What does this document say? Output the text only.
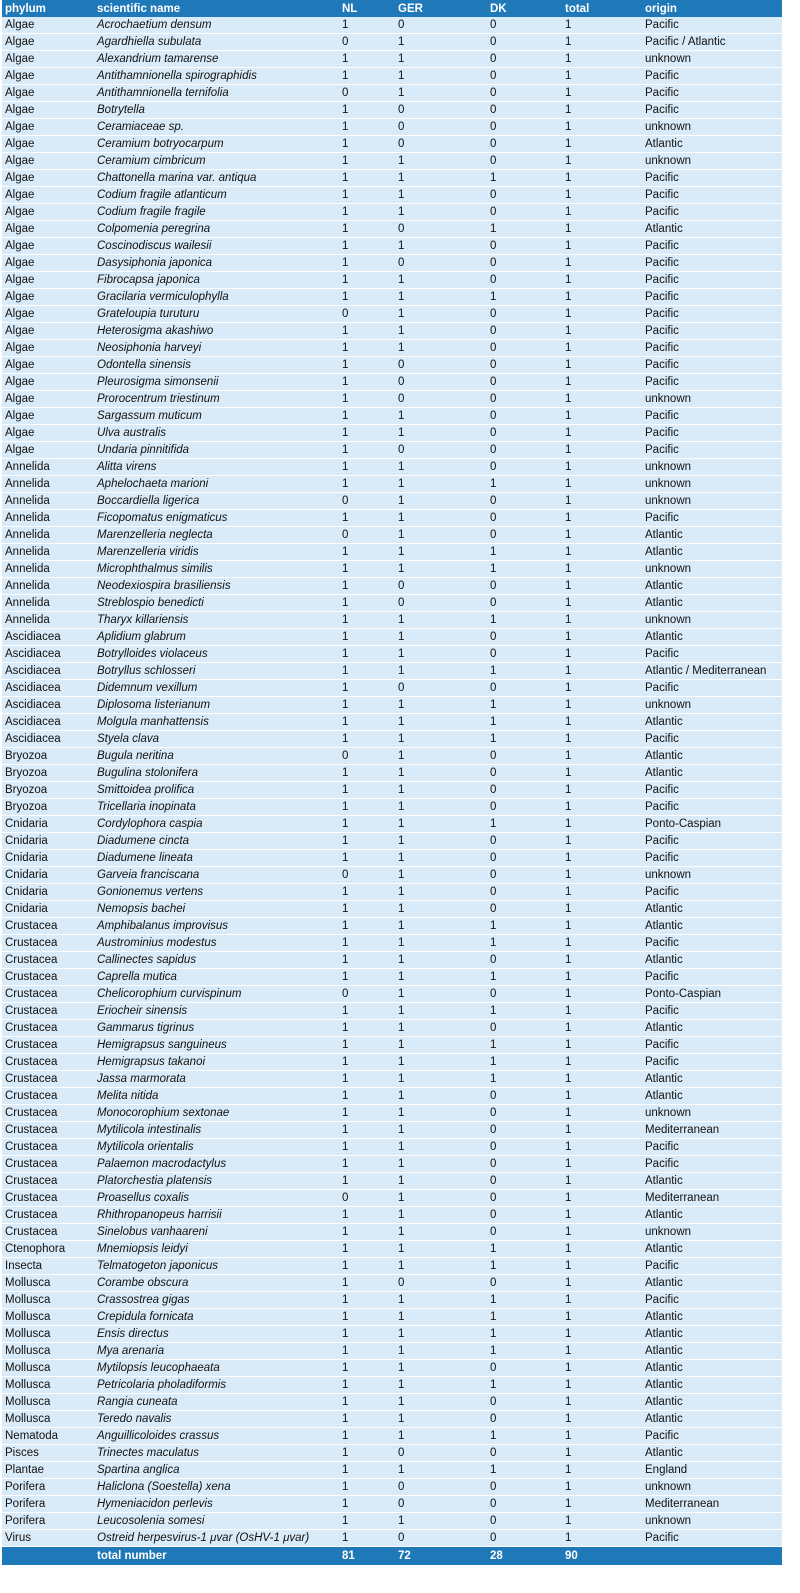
phylum	scientific name	NL	GER	DK	total	origin
Algae	Acrochaetium densum	1	0	0	1	Pacific
Algae	Agardhiella subulata	0	1	0	1	Pacific / Atlantic
Algae	Alexandrium tamarense	1	1	0	1	unknown
Algae	Antithamnionella spirographidis	1	1	0	1	Pacific
Algae	Antithamnionella ternifolia	0	1	0	1	Pacific
Algae	Botrytella	1	0	0	1	Pacific
Algae	Ceramiaceae sp.	1	0	0	1	unknown
Algae	Ceramium botryocarpum	1	0	0	1	Atlantic
Algae	Ceramium cimbricum	1	1	0	1	unknown
Algae	Chattonella marina var. antiqua	1	1	1	1	Pacific
Algae	Codium fragile atlanticum	1	1	0	1	Pacific
Algae	Codium fragile fragile	1	1	0	1	Pacific
Algae	Colpomenia peregrina	1	0	1	1	Atlantic
Algae	Coscinodiscus wailesii	1	1	0	1	Pacific
Algae	Dasysiphonia japonica	1	0	0	1	Pacific
Algae	Fibrocapsa japonica	1	1	0	1	Pacific
Algae	Gracilaria vermiculophylla	1	1	1	1	Pacific
Algae	Grateloupia turuturu	0	1	0	1	Pacific
Algae	Heterosigma akashiwo	1	1	0	1	Pacific
Algae	Neosiphonia harveyi	1	1	0	1	Pacific
Algae	Odontella sinensis	1	0	0	1	Pacific
Algae	Pleurosigma simonsenii	1	0	0	1	Pacific
Algae	Prorocentrum triestinum	1	0	0	1	unknown
Algae	Sargassum muticum	1	1	0	1	Pacific
Algae	Ulva australis	1	1	0	1	Pacific
Algae	Undaria pinnitifida	1	0	0	1	Pacific
Annelida	Alitta virens	1	1	0	1	unknown
Annelida	Aphelochaeta marioni	1	1	1	1	unknown
Annelida	Boccardiella ligerica	0	1	0	1	unknown
Annelida	Ficopomatus enigmaticus	1	1	0	1	Pacific
Annelida	Marenzelleria neglecta	0	1	0	1	Atlantic
Annelida	Marenzelleria viridis	1	1	1	1	Atlantic
Annelida	Microphthalmus similis	1	1	1	1	unknown
Annelida	Neodexiospira brasiliensis	1	0	0	1	Atlantic
Annelida	Streblospio benedicti	1	0	0	1	Atlantic
Annelida	Tharyx killariensis	1	1	1	1	unknown
Ascidiacea	Aplidium glabrum	1	1	0	1	Atlantic
Ascidiacea	Botrylloides violaceus	1	1	0	1	Pacific
Ascidiacea	Botryllus schlosseri	1	1	1	1	Atlantic / Mediterranean
Ascidiacea	Didemnum vexillum	1	0	0	1	Pacific
Ascidiacea	Diplosoma listerianum	1	1	1	1	unknown
Ascidiacea	Molgula manhattensis	1	1	1	1	Atlantic
Ascidiacea	Styela clava	1	1	1	1	Pacific
Bryozoa	Bugula neritina	0	1	0	1	Atlantic
Bryozoa	Bugulina stolonifera	1	1	0	1	Atlantic
Bryozoa	Smittoidea prolifica	1	1	0	1	Pacific
Bryozoa	Tricellaria inopinata	1	1	0	1	Pacific
Cnidaria	Cordylophora caspia	1	1	1	1	Ponto-Caspian
Cnidaria	Diadumene cincta	1	1	0	1	Pacific
Cnidaria	Diadumene lineata	1	1	0	1	Pacific
Cnidaria	Garveia franciscana	0	1	0	1	unknown
Cnidaria	Gonionemus vertens	1	1	0	1	Pacific
Cnidaria	Nemopsis bachei	1	1	0	1	Atlantic
Crustacea	Amphibalanus improvisus	1	1	1	1	Atlantic
Crustacea	Austrominius modestus	1	1	1	1	Pacific
Crustacea	Callinectes sapidus	1	1	0	1	Atlantic
Crustacea	Caprella mutica	1	1	1	1	Pacific
Crustacea	Chelicorophium curvispinum	0	1	0	1	Ponto-Caspian
Crustacea	Eriocheir sinensis	1	1	1	1	Pacific
Crustacea	Gammarus tigrinus	1	1	0	1	Atlantic
Crustacea	Hemigrapsus sanguineus	1	1	1	1	Pacific
Crustacea	Hemigrapsus takanoi	1	1	1	1	Pacific
Crustacea	Jassa marmorata	1	1	1	1	Atlantic
Crustacea	Melita nitida	1	1	0	1	Atlantic
Crustacea	Monocorophium sextonae	1	1	0	1	unknown
Crustacea	Mytilicola intestinalis	1	1	0	1	Mediterranean
Crustacea	Mytilicola orientalis	1	1	0	1	Pacific
Crustacea	Palaemon macrodactylus	1	1	0	1	Pacific
Crustacea	Platorchestia platensis	1	1	0	1	Atlantic
Crustacea	Proasellus coxalis	0	1	0	1	Mediterranean
Crustacea	Rhithropanopeus harrisii	1	1	0	1	Atlantic
Crustacea	Sinelobus vanhaareni	1	1	0	1	unknown
Ctenophora	Mnemiopsis leidyi	1	1	1	1	Atlantic
Insecta	Telmatogeton japonicus	1	1	1	1	Pacific
Mollusca	Corambe obscura	1	0	0	1	Atlantic
Mollusca	Crassostrea gigas	1	1	1	1	Pacific
Mollusca	Crepidula fornicata	1	1	1	1	Atlantic
Mollusca	Ensis directus	1	1	1	1	Atlantic
Mollusca	Mya arenaria	1	1	1	1	Atlantic
Mollusca	Mytilopsis leucophaeata	1	1	0	1	Atlantic
Mollusca	Petricolaria pholadiformis	1	1	1	1	Atlantic
Mollusca	Rangia cuneata	1	1	0	1	Atlantic
Mollusca	Teredo navalis	1	1	0	1	Atlantic
Nematoda	Anguillicoloides crassus	1	1	1	1	Pacific
Pisces	Trinectes maculatus	1	0	0	1	Atlantic
Plantae	Spartina anglica	1	1	1	1	England
Porifera	Haliclona (Soestella) xena	1	0	0	1	unknown
Porifera	Hymeniacidon perlevis	1	0	0	1	Mediterranean
Porifera	Leucosolenia somesi	1	1	0	1	unknown
Virus	Ostreid herpesvirus-1 μvar (OsHV-1 μvar)	1	0	0	1	Pacific
	total number	81	72	28	90	
